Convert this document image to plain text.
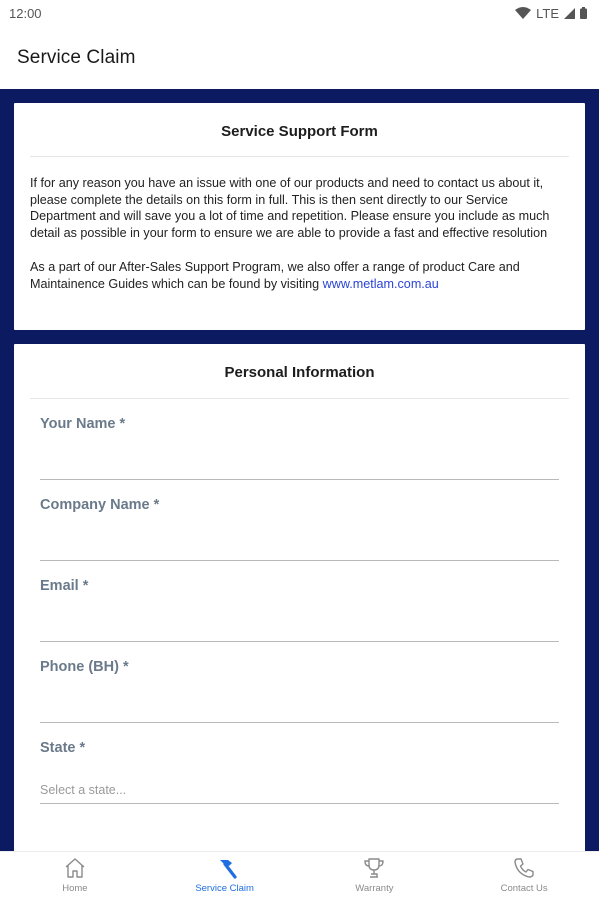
12:00	LTE
Service Claim
Service Support Form

If for any reason you have an issue with one of our products and need to contact us about it, please complete the details on this form in full. This is then sent directly to our Service Department and will save you a lot of time and repetition. Please ensure you include as much detail as possible in your form to ensure we are able to provide a fast and effective resolution

As a part of our After-Sales Support Program, we also offer a range of product Care and Maintainence Guides which can be found by visiting www.metlam.com.au

Personal Information
Your Name *
Company Name *
Email *
Phone (BH) *
State *
Select a state...
Home	Service Claim	Warranty	Contact Us
